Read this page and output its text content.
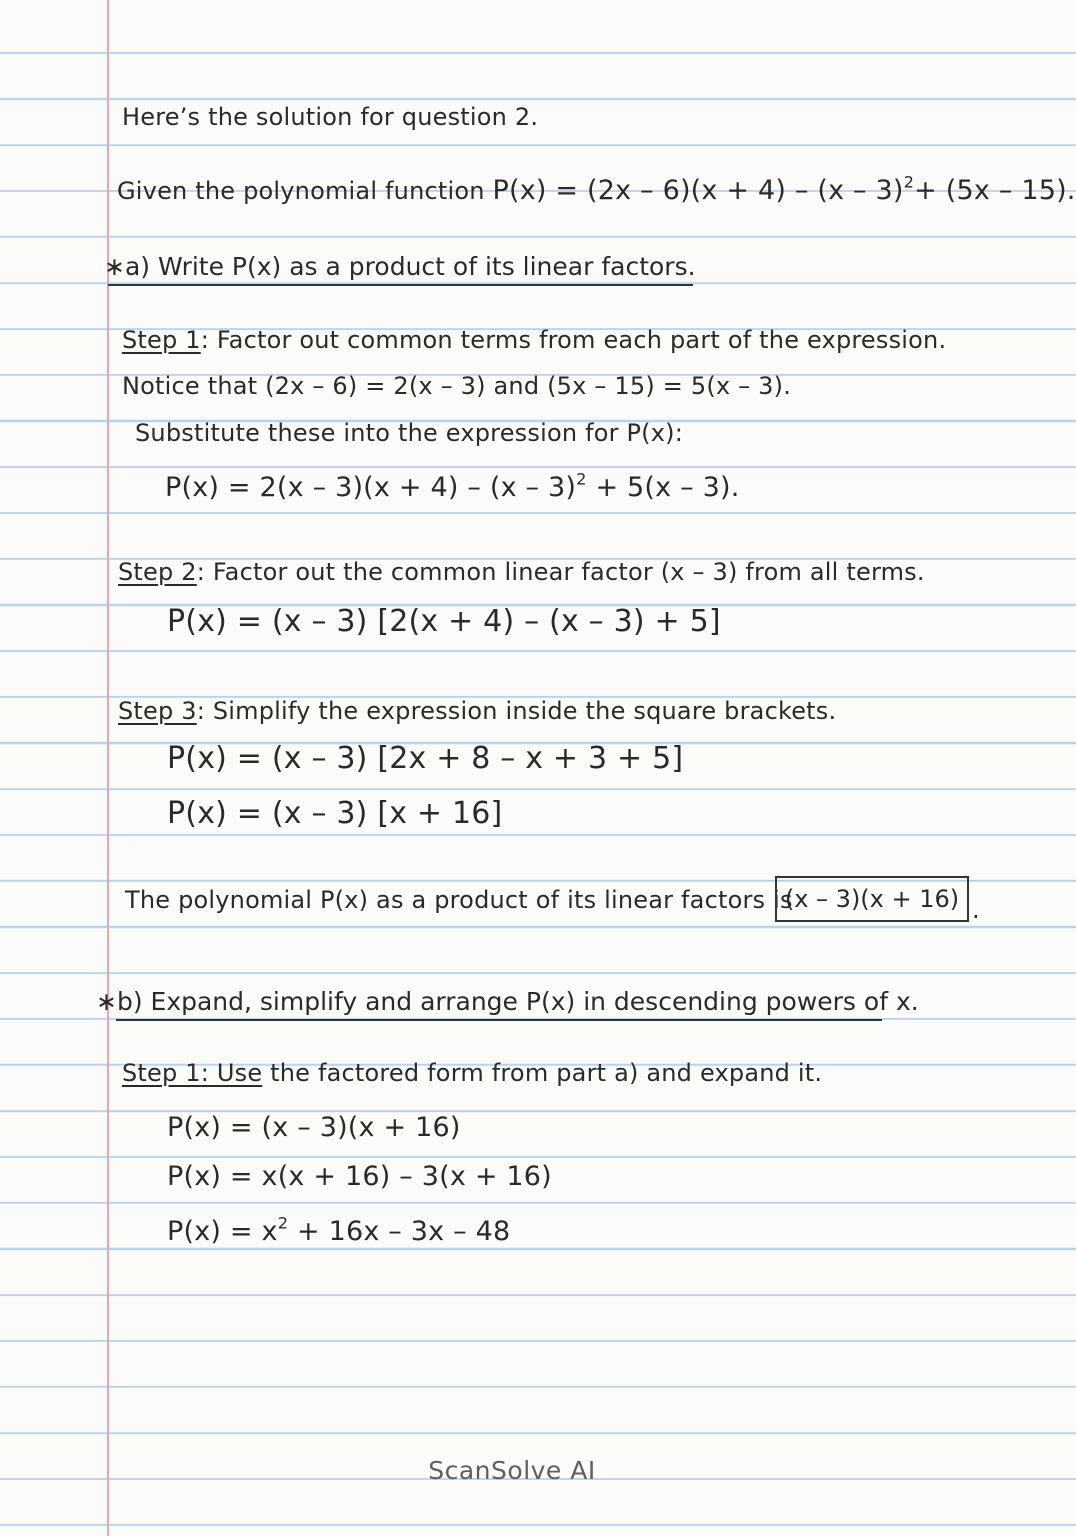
Here’s the solution for question 2.
Given the polynomial function P(x) = (2x – 6)(x + 4) – (x – 3)$^2$+ (5x – 15).
∗a) Write P(x) as a product of its linear factors.
Step 1: Factor out common terms from each part of the expression.
Notice that (2x – 6) = 2(x – 3) and (5x – 15) = 5(x – 3).
Substitute these into the expression for P(x):
P(x) = 2(x – 3)(x + 4) – (x – 3)$^2$ + 5(x – 3).
Step 2: Factor out the common linear factor (x – 3) from all terms.
P(x) = (x – 3) [2(x + 4) – (x – 3) + 5]
Step 3: Simplify the expression inside the square brackets.
P(x) = (x – 3) [2x + 8 – x + 3 + 5]
P(x) = (x – 3) [x + 16]
The polynomial P(x) as a product of its linear factors is
(x – 3)(x + 16) .
∗b) Expand, simplify and arrange P(x) in descending powers of x.
Step 1: Use the factored form from part a) and expand it.
P(x) = (x – 3)(x + 16)
P(x) = x(x + 16) – 3(x + 16)
$P(x) = x^2 + 16x - 3x - 48$
ScanSolve AI
